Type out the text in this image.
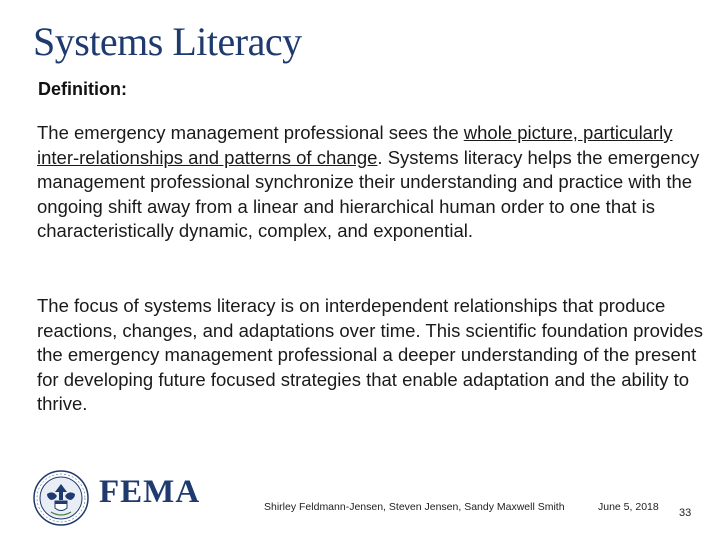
Systems Literacy
Definition:
The emergency management professional sees the whole picture, particularly inter-relationships and patterns of change. Systems literacy helps the emergency management professional synchronize their understanding and practice with the ongoing shift away from a linear and hierarchical human order to one that is characteristically dynamic, complex, and exponential.
The focus of systems literacy is on interdependent relationships that produce reactions, changes, and adaptations over time. This scientific foundation provides the emergency management professional a deeper understanding of the present for developing future focused strategies that enable adaptation and the ability to thrive.
FEMA	Shirley Feldmann-Jensen, Steven Jensen, Sandy Maxwell Smith	June 5, 2018 33
